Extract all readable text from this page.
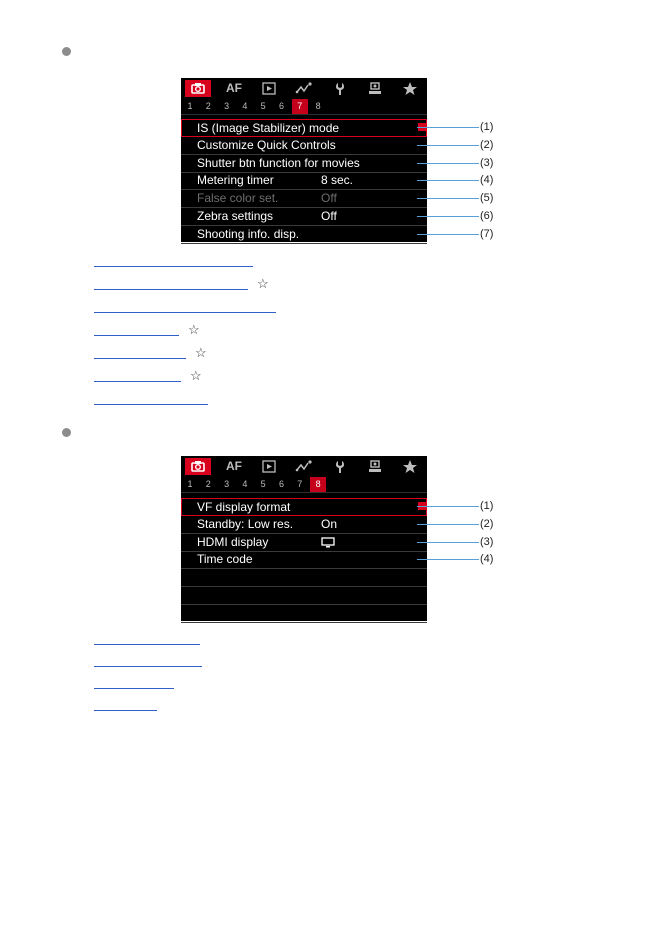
AF
1	2	3	4	5	6	7	8
IS (Image Stabilizer) mode
Customize Quick Controls
Shutter btn function for movies
Metering timer	8 sec.
False color set.	Off
Zebra settings	Off
Shooting info. disp.
(1)
(2)
(3)
(4)
(5)
(6)
(7)
☆
☆
☆
☆
AF
1	2	3	4	5	6	7	8
VF display format
Standby: Low res. On
HDMI display
Time code
(1)
(2)
(3)
(4)
